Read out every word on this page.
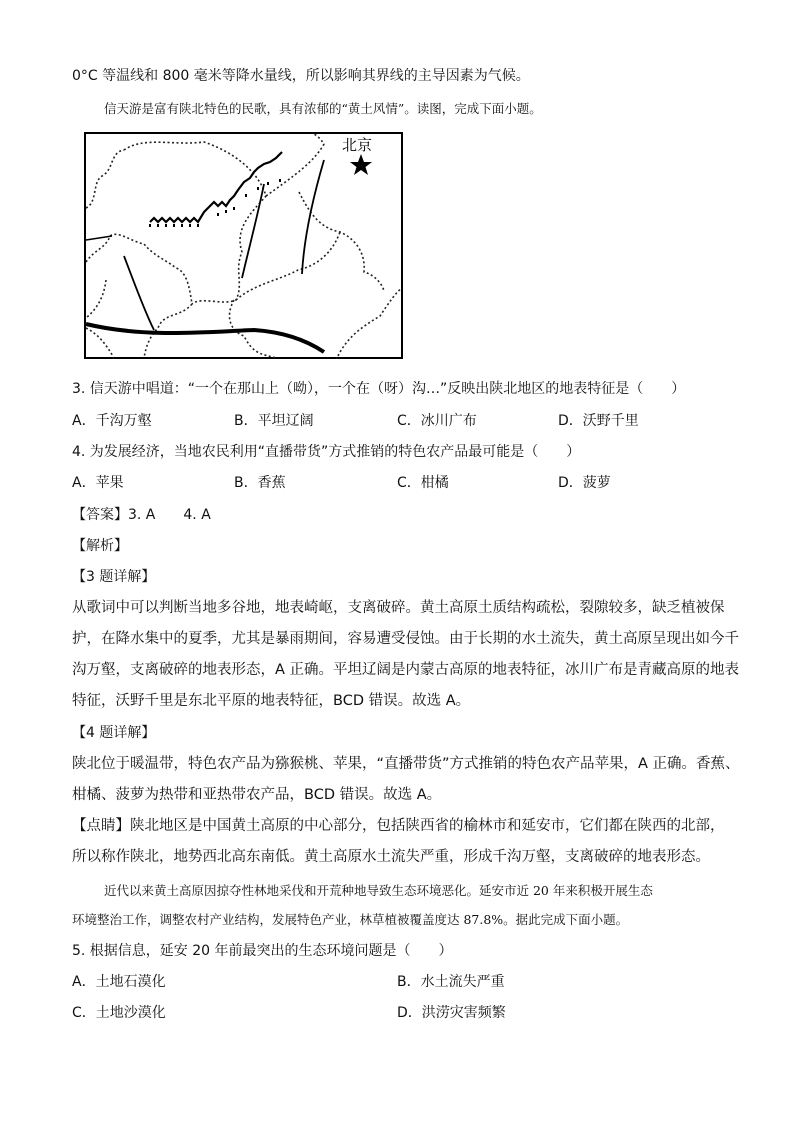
0°C 等温线和 800 毫米等降水量线，所以影响其界线的主导因素为气候。
信天游是富有陕北特色的民歌，具有浓郁的“黄土风情”。读图，完成下面小题。
北京
3. 信天游中唱道：“一个在那山上（呦），一个在（呀）沟…”反映出陕北地区的地表特征是（　　）
A．千沟万壑	B．平坦辽阔	C．冰川广布	D．沃野千里
4. 为发展经济，当地农民利用“直播带货”方式推销的特色农产品最可能是（　　）
A．苹果	B．香蕉	C．柑橘	D．菠萝
【答案】3. A　　4. A
【解析】
【3 题详解】
从歌词中可以判断当地多谷地，地表崎岖，支离破碎。黄土高原土质结构疏松，裂隙较多，缺乏植被保
护，在降水集中的夏季，尤其是暴雨期间，容易遭受侵蚀。由于长期的水土流失，黄土高原呈现出如今千
沟万壑，支离破碎的地表形态，A 正确。平坦辽阔是内蒙古高原的地表特征，冰川广布是青藏高原的地表
特征，沃野千里是东北平原的地表特征，BCD 错误。故选 A。
【4 题详解】
陕北位于暖温带，特色农产品为猕猴桃、苹果，“直播带货”方式推销的特色农产品苹果，A 正确。香蕉、
柑橘、菠萝为热带和亚热带农产品，BCD 错误。故选 A。
【点睛】陕北地区是中国黄土高原的中心部分，包括陕西省的榆林市和延安市，它们都在陕西的北部，
所以称作陕北，地势西北高东南低。黄土高原水土流失严重，形成千沟万壑，支离破碎的地表形态。
近代以来黄土高原因掠夺性林地采伐和开荒种地导致生态环境恶化。延安市近 20 年来积极开展生态
环境整治工作，调整农村产业结构，发展特色产业，林草植被覆盖度达 87.8%。据此完成下面小题。
5. 根据信息，延安 20 年前最突出的生态环境问题是（　　）
A．土地石漠化	B．水土流失严重
C．土地沙漠化	D．洪涝灾害频繁
